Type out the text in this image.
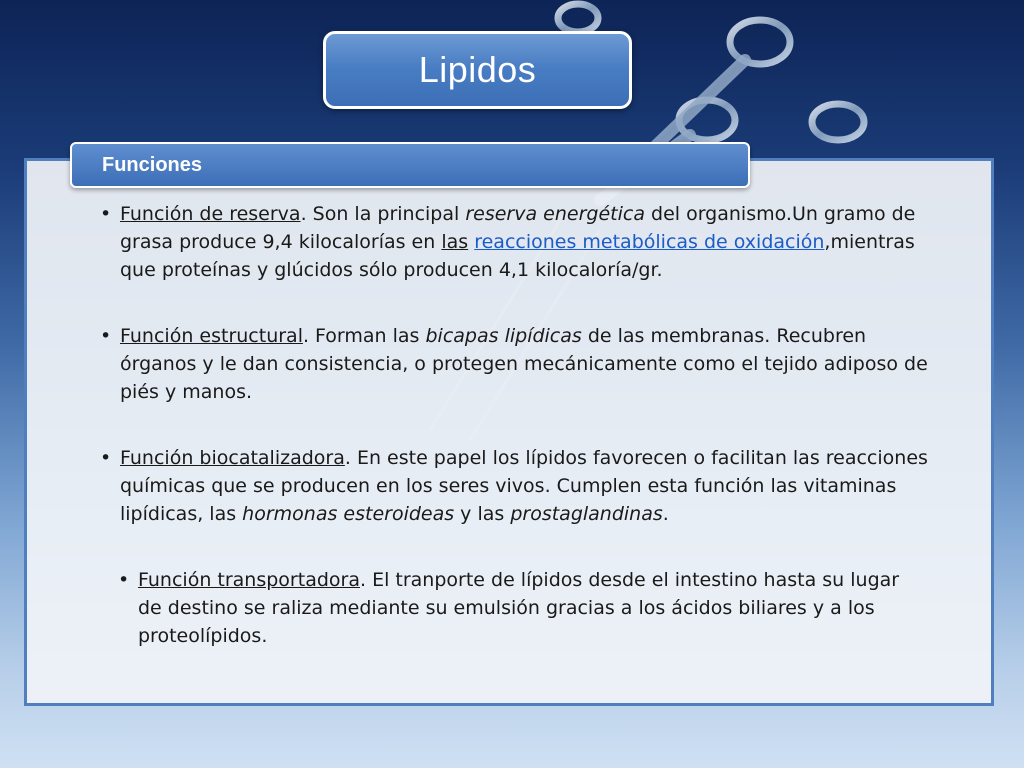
Lipidos
Funciones
• Función de reserva. Son la principal reserva energética del organismo.Un gramo de grasa produce 9,4 kilocalorías en las reacciones metabólicas de oxidación,mientras que proteínas y glúcidos sólo producen 4,1 kilocaloría/gr.
• Función estructural. Forman las bicapas lipídicas de las membranas. Recubren órganos y le dan consistencia, o protegen mecánicamente como el tejido adiposo de piés y manos.
• Función biocatalizadora. En este papel los lípidos favorecen o facilitan las reacciones químicas que se producen en los seres vivos. Cumplen esta función las vitaminas lipídicas, las hormonas esteroideas y las prostaglandinas.
• Función transportadora. El tranporte de lípidos desde el intestino hasta su lugar de destino se raliza mediante su emulsión gracias a los ácidos biliares y a los proteolípidos.
